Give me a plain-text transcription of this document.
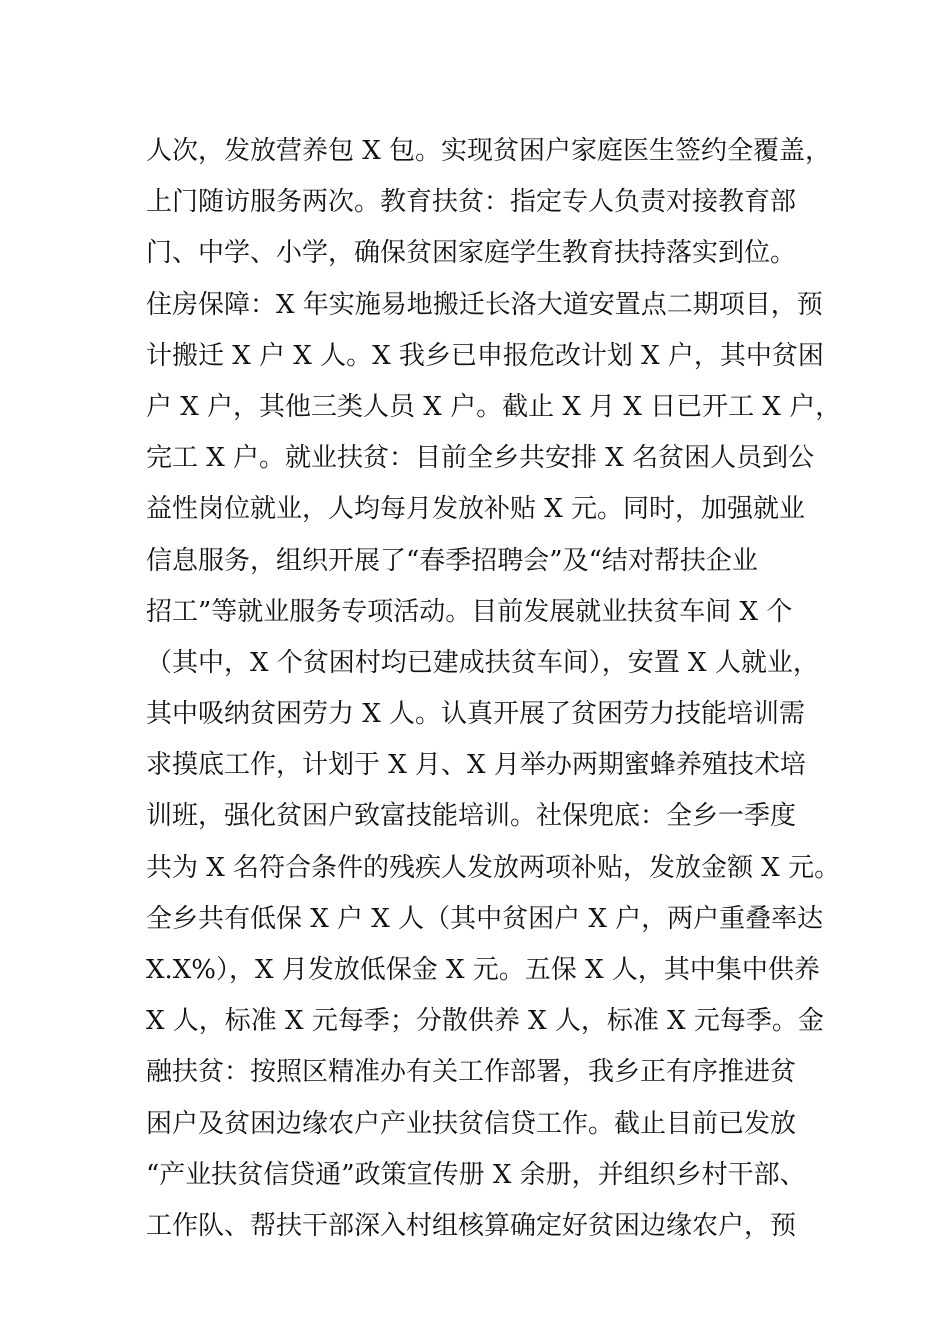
人次，发放营养包 X 包。实现贫困户家庭医生签约全覆盖，
上门随访服务两次。教育扶贫：指定专人负责对接教育部
门、中学、小学，确保贫困家庭学生教育扶持落实到位。
住房保障：X 年实施易地搬迁长洛大道安置点二期项目，预
计搬迁 X 户 X 人。X 我乡已申报危改计划 X 户，其中贫困
户 X 户，其他三类人员 X 户。截止 X 月 X 日已开工 X 户，
完工 X 户。就业扶贫：目前全乡共安排 X 名贫困人员到公
益性岗位就业，人均每月发放补贴 X 元。同时，加强就业
信息服务，组织开展了“春季招聘会”及“结对帮扶企业
招工”等就业服务专项活动。目前发展就业扶贫车间 X 个
（其中，X 个贫困村均已建成扶贫车间），安置 X 人就业，
其中吸纳贫困劳力 X 人。认真开展了贫困劳力技能培训需
求摸底工作，计划于 X 月、X 月举办两期蜜蜂养殖技术培
训班，强化贫困户致富技能培训。社保兜底：全乡一季度
共为 X 名符合条件的残疾人发放两项补贴，发放金额 X 元。
全乡共有低保 X 户 X 人（其中贫困户 X 户，两户重叠率达
X.X%），X 月发放低保金 X 元。五保 X 人，其中集中供养
X 人，标准 X 元每季；分散供养 X 人，标准 X 元每季。金
融扶贫：按照区精准办有关工作部署，我乡正有序推进贫
困户及贫困边缘农户产业扶贫信贷工作。截止目前已发放
“产业扶贫信贷通”政策宣传册 X 余册，并组织乡村干部、
工作队、帮扶干部深入村组核算确定好贫困边缘农户，预
